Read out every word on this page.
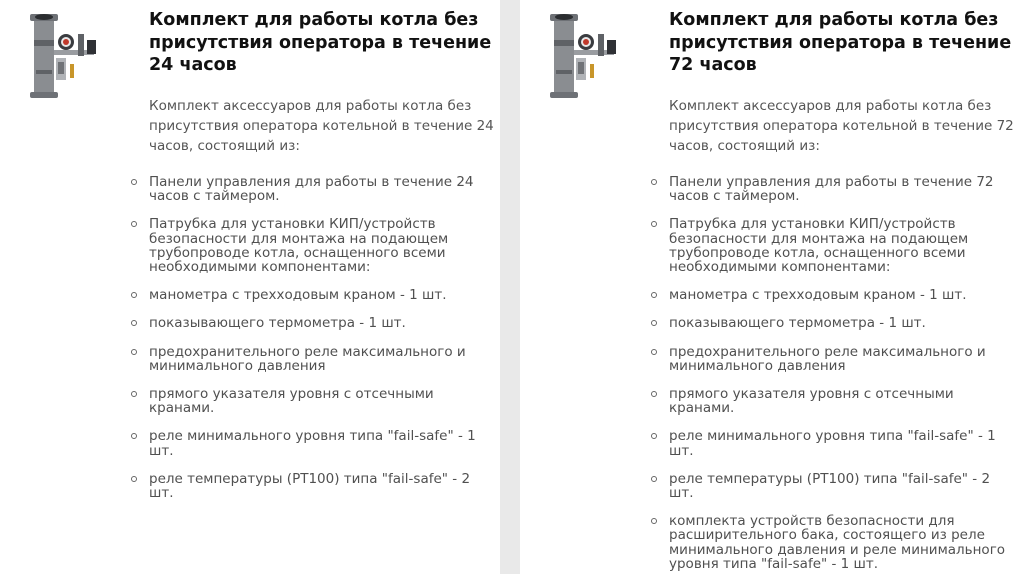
Комплект для работы котла без присутствия оператора в течение 24 часов

Комплект аксессуаров для работы котла без присутствия оператора котельной в течение 24 часов, состоящий из:

Панели управления для работы в течение 24 часов с таймером.
Патрубка для установки КИП/устройств безопасности для монтажа на подающем трубопроводе котла, оснащенного всеми необходимыми компонентами:
манометра с трехходовым краном - 1 шт.
показывающего термометра - 1 шт.
предохранительного реле максимального и минимального давления
прямого указателя уровня с отсечными кранами.
реле минимального уровня типа "fail-safe" - 1 шт.
реле температуры (PT100) типа "fail-safe" - 2 шт.
Комплект для работы котла без присутствия оператора в течение 72 часов

Комплект аксессуаров для работы котла без присутствия оператора котельной в течение 72 часов, состоящий из:

Панели управления для работы в течение 72 часов с таймером.
Патрубка для установки КИП/устройств безопасности для монтажа на подающем трубопроводе котла, оснащенного всеми необходимыми компонентами:
манометра с трехходовым краном - 1 шт.
показывающего термометра - 1 шт.
предохранительного реле максимального и минимального давления
прямого указателя уровня с отсечными кранами.
реле минимального уровня типа "fail-safe" - 1 шт.
реле температуры (PT100) типа "fail-safe" - 2 шт.
комплекта устройств безопасности для расширительного бака, состоящего из реле минимального давления и реле минимального уровня типа "fail-safe" - 1 шт.
